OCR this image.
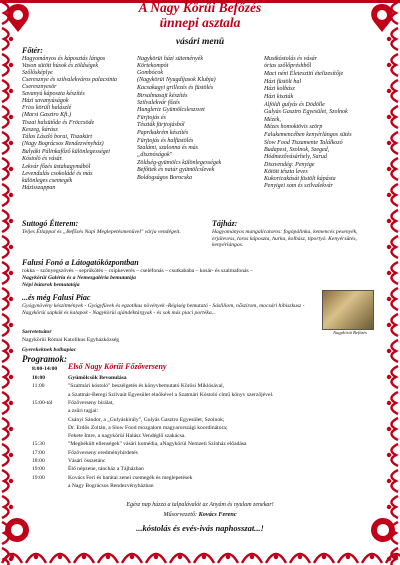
A Nagy Körűi Befőzés
ünnepi asztala
vásári menü
Főtér:
Hagyományos és káposztás lángos
Vason sütött húsok és zöldségek
Szőlősképlye
Cseresznye és szilvalekváros palacsinta
Cseresznyesör
Savanyú káposzta készítés
Házi savanyúságok
Friss körüli halászlé
(Marsi Gasztro Kft.)
Tiszai halsütőde és Fröccsöde
Keszeg, kárász
Tálas László borai, Tiszakürt
(Nagy Bográcsos Rendezvényház)
Bulyáki Pálinkafőző különlegességei
Kóstoló és vásár.
Lekvár főzés üstahagymából
Levendulás csokoládé és más
különleges csemegék
Házisszappan
Nagykörüi házi süteményék
Körtekompót
Gombócok
(Nagykörüi Nyugdíjasok Klubja)
Kacsakagyi grillezés és füstölés
Birsalmasajt készítés
Szilvalekvár főzés
Hungleriz Gyümölcsleszsvet
Fürjtojás és
Tészták fürjtojásból
Paprikakrém készítés
Fürjtojás és halfüstölés
Szalámi, szalonna és más
„disznóságok"
Zöldség-gyümölcs különlegességek
Befőttek és natúr gyümölcslevek
Boldogságos Borocska
Mustkóstolás és vásár
órias szőlőpréshből
Maci néni Életesztití ételizesítője
Házi füstölt hal
Házi kolbász
Házi kiszták
Alföldi gulyás és Dödölle
Gulyás Gasztro Egyesület, Szolnok
Mézek,
Mézes homoktövis szörp
Falukemencében kenyérlángos sütés
Slow Food Tiszamente Találkozó
Budapest, Szolnok, Szeged,
Hódmezővásárhely, Sarud
Diszvendég: Penyige
Kötött tészta leves
Kukoricakását füstölt kápásta
Penyigei som és szilvalekvár
Suttogó Étterem:
Teljes Étlappal és „Befőzés Napi Meglepetésmenüvel" várja vendégeit.
Tájház:
Hagyományos mangalicatoros: fogópálinka, kemencés pesenyék, erjálevess, toros káposzta, hurka, kolbász, tiportyó. Kenyérsütés, kenyérlángos.
Falusi Fonó a Látogatóközpontban
rokka – szőnyegszövés – seprűkötés – csipkeverés – cseléfonás – csutkababa – kosár- és szalmafonás –
Nagykörüi Galéria és a Nemezgaléria bemutatója
Népi bútorok bemutatója
...és még Falusi Piac
Gyógynövény készítmények - Gyógyfüvek és egzotikus növények -Régiség bemutató - Sásliliom, nőszirom, mocsári hibiszkusz - Nagykörüi sapkák és kalapok - Nagykörüi ajándéktárgyak - és sok más piaci portéka...
Szeretetsátor
Nagykörüi Római Katolikus Egyházközség
Gyerekeknek bolhapiac
Nagykörüi Befőzés
Programok:
8:00-14:00	Első Nagy Körűi Főzőverseny
10:00	Gyümölcsök Bevonulása
11:00	"Szatmári kóstoló" beszélgetés és könyvbemutató Körösi Miklósával,
a Szatmár-Beregi Szilvaút Egyesület elnökével a Szatmári Kóstoló című könyv szerzőjével.
15:00-tól	Főzőverseny bírálat,
a zsűri tagjai:
Csányi Sándor, a „Gulyáskirály", Gulyás Gasztro Egyesület, Szolnok;
Dr. Erdős Zoltán, a Slow Food mozgalom magyarországi koordinátora;
Fekete Imre, a nagykörüi Halász Vendéglő szakácsa.
15:30	"Megbékült ellenségek" vásári komédia, aNagykörüi Nemzeti Színház előadása
17:00	Főzőverseny eredményhirdetés
18:00	Vásári összetánc
19:00	Élő népzene, táncház a Tájházban
19:00	Kovács Feri és barátai zenei csemegék és meglepetések
a Nagy Bográcsos Rendezvényházban
Egész nap húzza a talpalávalót az Anyám és nyulam zenekar!
Műsorvezető: Kovács Ferenc
...kóstolás és evés-ivás naphosszat...!
